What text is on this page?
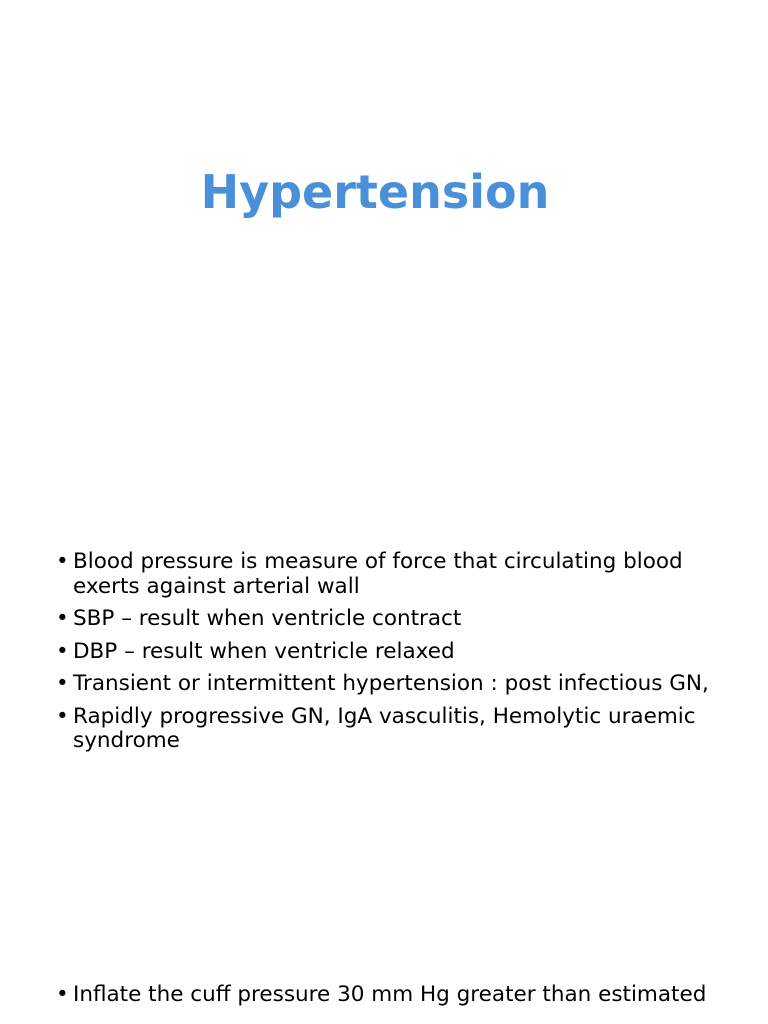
Hypertension
• Blood pressure is measure of force that circulating blood exerts against arterial wall
• SBP – result when ventricle contract
• DBP – result when ventricle relaxed
• Transient or intermittent hypertension : post infectious GN,
• Rapidly progressive GN, IgA vasculitis, Hemolytic uraemic syndrome
• Inflate the cuff pressure 30 mm Hg greater than estimated
